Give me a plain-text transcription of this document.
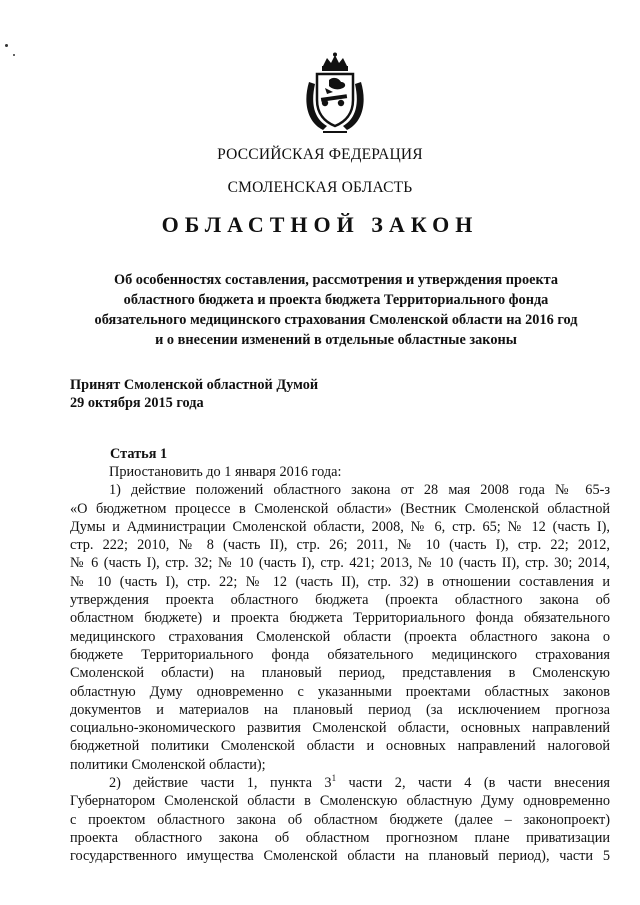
РОССИЙСКАЯ ФЕДЕРАЦИЯ
СМОЛЕНСКАЯ ОБЛАСТЬ
ОБЛАСТНОЙ ЗАКОН
Об особенностях составления, рассмотрения и утверждения проекта
областного бюджета и проекта бюджета Территориального фонда
обязательного медицинского страхования Смоленской области на 2016 год
и о внесении изменений в отдельные областные законы
Принят Смоленской областной Думой
29 октября 2015 года
Статья 1
Приостановить до 1 января 2016 года:
1) действие положений областного закона от 28 мая 2008 года № 65-з
«О бюджетном процессе в Смоленской области» (Вестник Смоленской областной
Думы и Администрации Смоленской области, 2008, № 6, стр. 65; № 12 (часть I),
стр. 222; 2010, № 8 (часть II), стр. 26; 2011, № 10 (часть I), стр. 22; 2012,
№ 6 (часть I), стр. 32; № 10 (часть I), стр. 421; 2013, № 10 (часть II), стр. 30; 2014,
№ 10 (часть I), стр. 22; № 12 (часть II), стр. 32) в отношении составления и
утверждения проекта областного бюджета (проекта областного закона об
областном бюджете) и проекта бюджета Территориального фонда обязательного
медицинского страхования Смоленской области (проекта областного закона о
бюджете Территориального фонда обязательного медицинского страхования
Смоленской области) на плановый период, представления в Смоленскую
областную Думу одновременно с указанными проектами областных законов
документов и материалов на плановый период (за исключением прогноза
социально-экономического развития Смоленской области, основных направлений
бюджетной политики Смоленской области и основных направлений налоговой
политики Смоленской области);
2) действие части 1, пункта $3^1$ части 2, части 4 (в части внесения
Губернатором Смоленской области в Смоленскую областную Думу одновременно
с проектом областного закона об областном бюджете (далее – законопроект)
проекта областного закона об областном прогнозном плане приватизации
государственного имущества Смоленской области на плановый период), части 5
